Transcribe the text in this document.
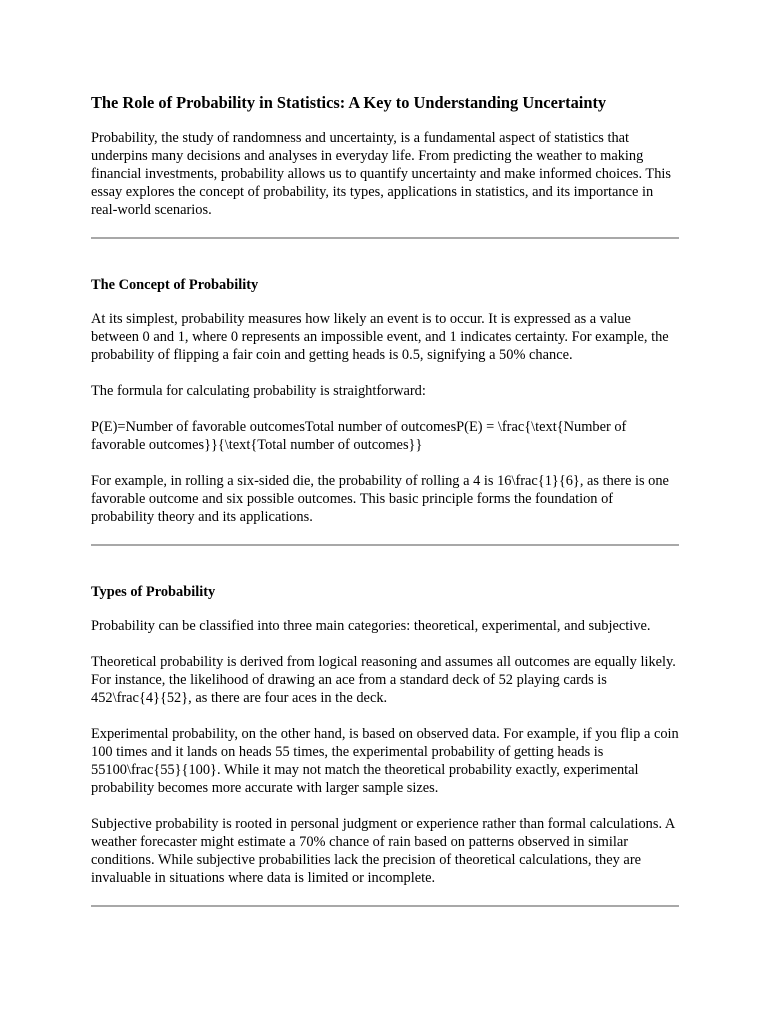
The Role of Probability in Statistics: A Key to Understanding Uncertainty

Probability, the study of randomness and uncertainty, is a fundamental aspect of statistics that underpins many decisions and analyses in everyday life. From predicting the weather to making financial investments, probability allows us to quantify uncertainty and make informed choices. This essay explores the concept of probability, its types, applications in statistics, and its importance in real-world scenarios.

The Concept of Probability

At its simplest, probability measures how likely an event is to occur. It is expressed as a value between 0 and 1, where 0 represents an impossible event, and 1 indicates certainty. For example, the probability of flipping a fair coin and getting heads is 0.5, signifying a 50% chance.

The formula for calculating probability is straightforward:

P(E)=Number of favorable outcomesTotal number of outcomesP(E) = \frac{\text{Number of favorable outcomes}}{\text{Total number of outcomes}}

For example, in rolling a six-sided die, the probability of rolling a 4 is 16\frac{1}{6}, as there is one favorable outcome and six possible outcomes. This basic principle forms the foundation of probability theory and its applications.

Types of Probability

Probability can be classified into three main categories: theoretical, experimental, and subjective.

Theoretical probability is derived from logical reasoning and assumes all outcomes are equally likely. For instance, the likelihood of drawing an ace from a standard deck of 52 playing cards is 452\frac{4}{52}, as there are four aces in the deck.

Experimental probability, on the other hand, is based on observed data. For example, if you flip a coin 100 times and it lands on heads 55 times, the experimental probability of getting heads is 55100\frac{55}{100}. While it may not match the theoretical probability exactly, experimental probability becomes more accurate with larger sample sizes.

Subjective probability is rooted in personal judgment or experience rather than formal calculations. A weather forecaster might estimate a 70% chance of rain based on patterns observed in similar conditions. While subjective probabilities lack the precision of theoretical calculations, they are invaluable in situations where data is limited or incomplete.
